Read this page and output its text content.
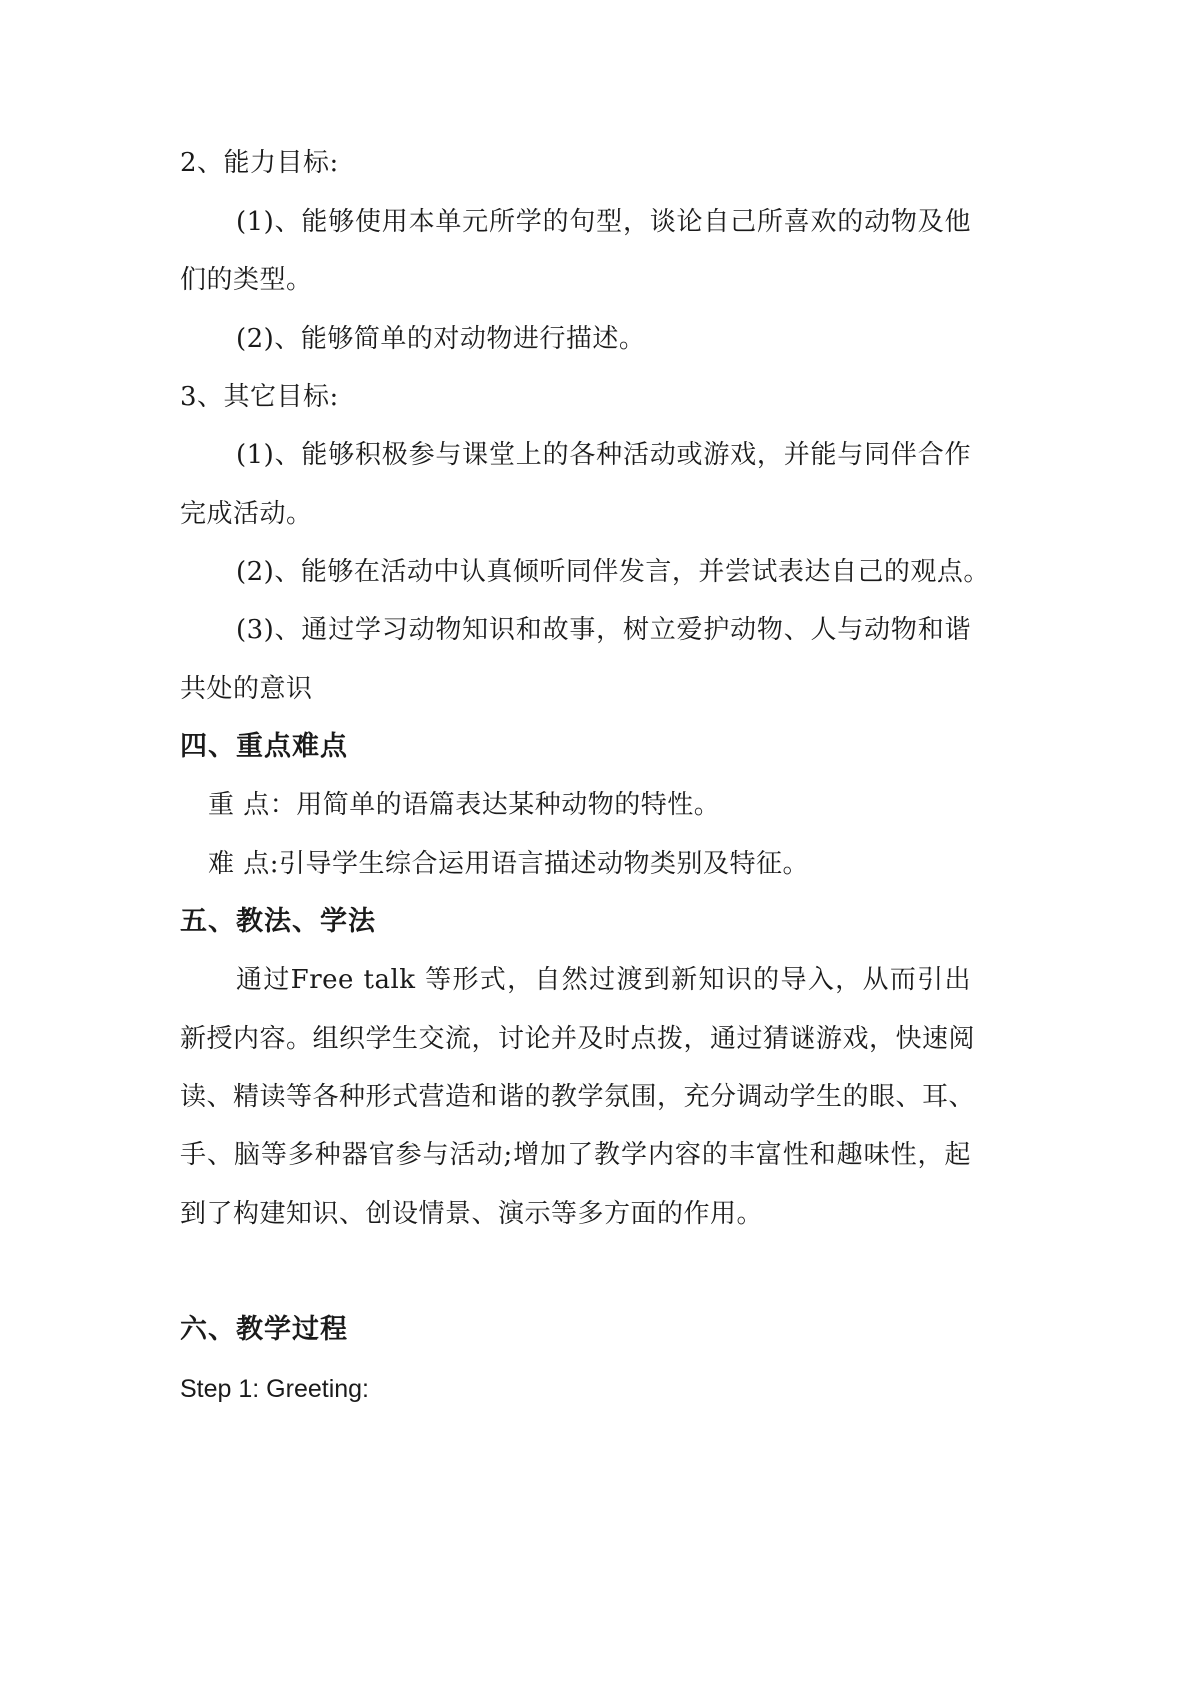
2、能力目标:
(1)、能够使用本单元所学的句型，谈论自己所喜欢的动物及他
们的类型。
(2)、能够简单的对动物进行描述。
3、其它目标:
(1)、能够积极参与课堂上的各种活动或游戏，并能与同伴合作
完成活动。
(2)、能够在活动中认真倾听同伴发言，并尝试表达自己的观点。
(3)、通过学习动物知识和故事，树立爱护动物、人与动物和谐
共处的意识
四、重点难点
重 点：用简单的语篇表达某种动物的特性。
难 点:引导学生综合运用语言描述动物类别及特征。
五、教法、学法
通过Free talk 等形式，自然过渡到新知识的导入，从而引出
新授内容。组织学生交流，讨论并及时点拨，通过猜谜游戏，快速阅
读、精读等各种形式营造和谐的教学氛围，充分调动学生的眼、耳、
手、脑等多种器官参与活动;增加了教学内容的丰富性和趣味性，起
到了构建知识、创设情景、演示等多方面的作用。
六、教学过程
Step 1: Greeting:
